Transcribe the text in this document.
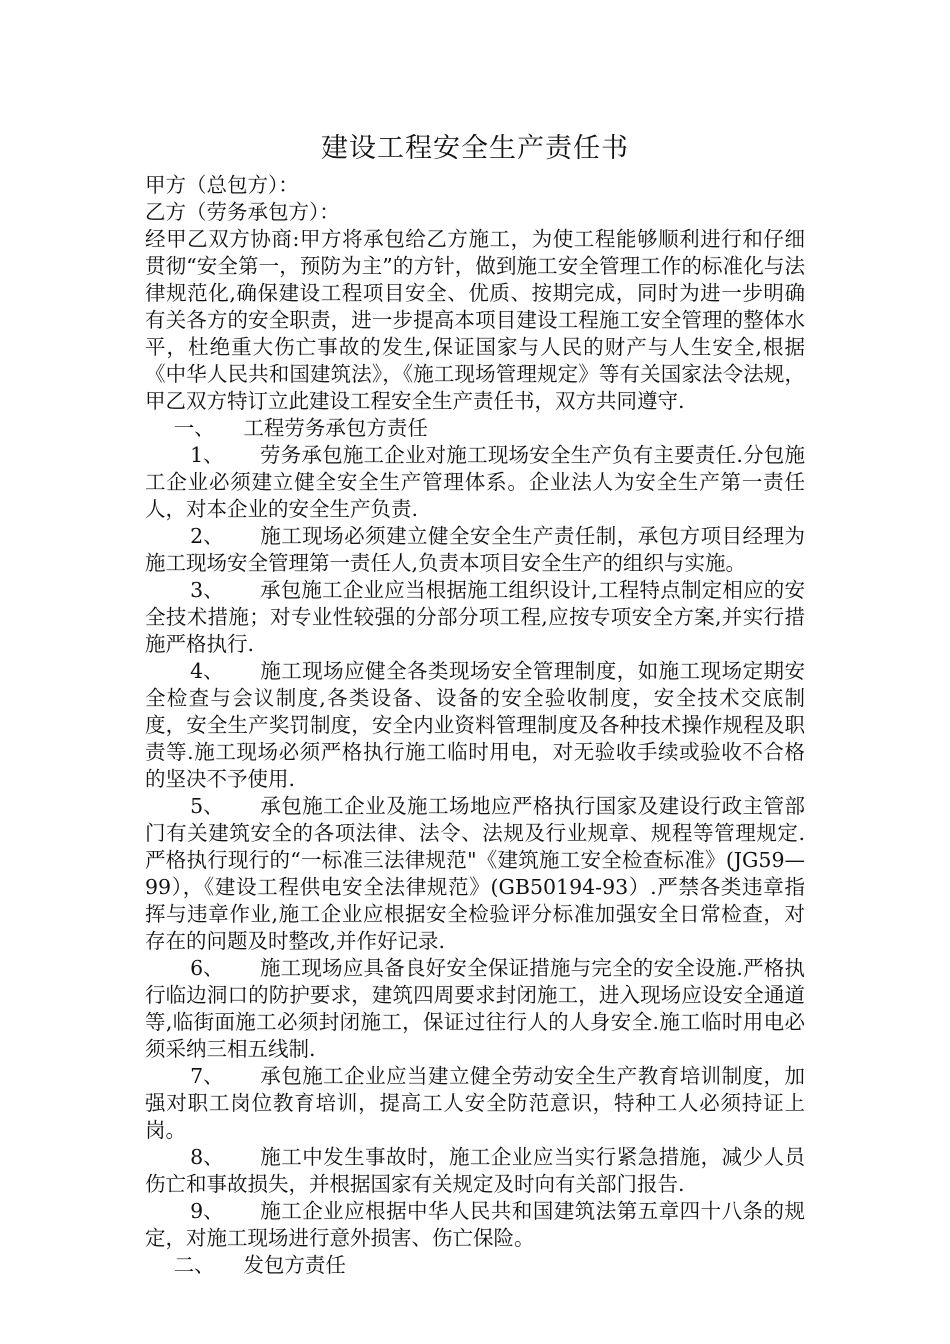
建设工程安全生产责任书

甲方（总包方）：

乙方（劳务承包方）：

经甲乙双方协商:甲方将承包给乙方施工，为使工程能够顺利进行和仔细贯彻“安全第一，预防为主”的方针，做到施工安全管理工作的标准化与法律规范化,确保建设工程项目安全、优质、按期完成，同时为进一步明确有关各方的安全职责，进一步提高本项目建设工程施工安全管理的整体水平，杜绝重大伤亡事故的发生,保证国家与人民的财产与人生安全,根据《中华人民共和国建筑法》，《施工现场管理规定》等有关国家法令法规，甲乙双方特订立此建设工程安全生产责任书，双方共同遵守.

一、 工程劳务承包方责任

1、 劳务承包施工企业对施工现场安全生产负有主要责任.分包施工企业必须建立健全安全生产管理体系。企业法人为安全生产第一责任人，对本企业的安全生产负责.

2、 施工现场必须建立健全安全生产责任制，承包方项目经理为施工现场安全管理第一责任人,负责本项目安全生产的组织与实施。

3、 承包施工企业应当根据施工组织设计,工程特点制定相应的安全技术措施；对专业性较强的分部分项工程,应按专项安全方案,并实行措施严格执行.

4、 施工现场应健全各类现场安全管理制度，如施工现场定期安全检查与会议制度,各类设备、设备的安全验收制度，安全技术交底制度，安全生产奖罚制度，安全内业资料管理制度及各种技术操作规程及职责等.施工现场必须严格执行施工临时用电，对无验收手续或验收不合格的坚决不予使用.

5、 承包施工企业及施工场地应严格执行国家及建设行政主管部门有关建筑安全的各项法律、法令、法规及行业规章、规程等管理规定.严格执行现行的“一标准三法律规范"《建筑施工安全检查标准》(JG59—99），《建设工程供电安全法律规范》(GB50194-93）.严禁各类违章指挥与违章作业,施工企业应根据安全检验评分标准加强安全日常检查，对存在的问题及时整改,并作好记录.

6、 施工现场应具备良好安全保证措施与完全的安全设施.严格执行临边洞口的防护要求，建筑四周要求封闭施工，进入现场应设安全通道等,临街面施工必须封闭施工，保证过往行人的人身安全.施工临时用电必须采纳三相五线制.

7、 承包施工企业应当建立健全劳动安全生产教育培训制度，加强对职工岗位教育培训，提高工人安全防范意识，特种工人必须持证上岗。

8、 施工中发生事故时，施工企业应当实行紧急措施，减少人员伤亡和事故损失，并根据国家有关规定及时向有关部门报告.

9、 施工企业应根据中华人民共和国建筑法第五章四十八条的规定，对施工现场进行意外损害、伤亡保险。

二、 发包方责任
